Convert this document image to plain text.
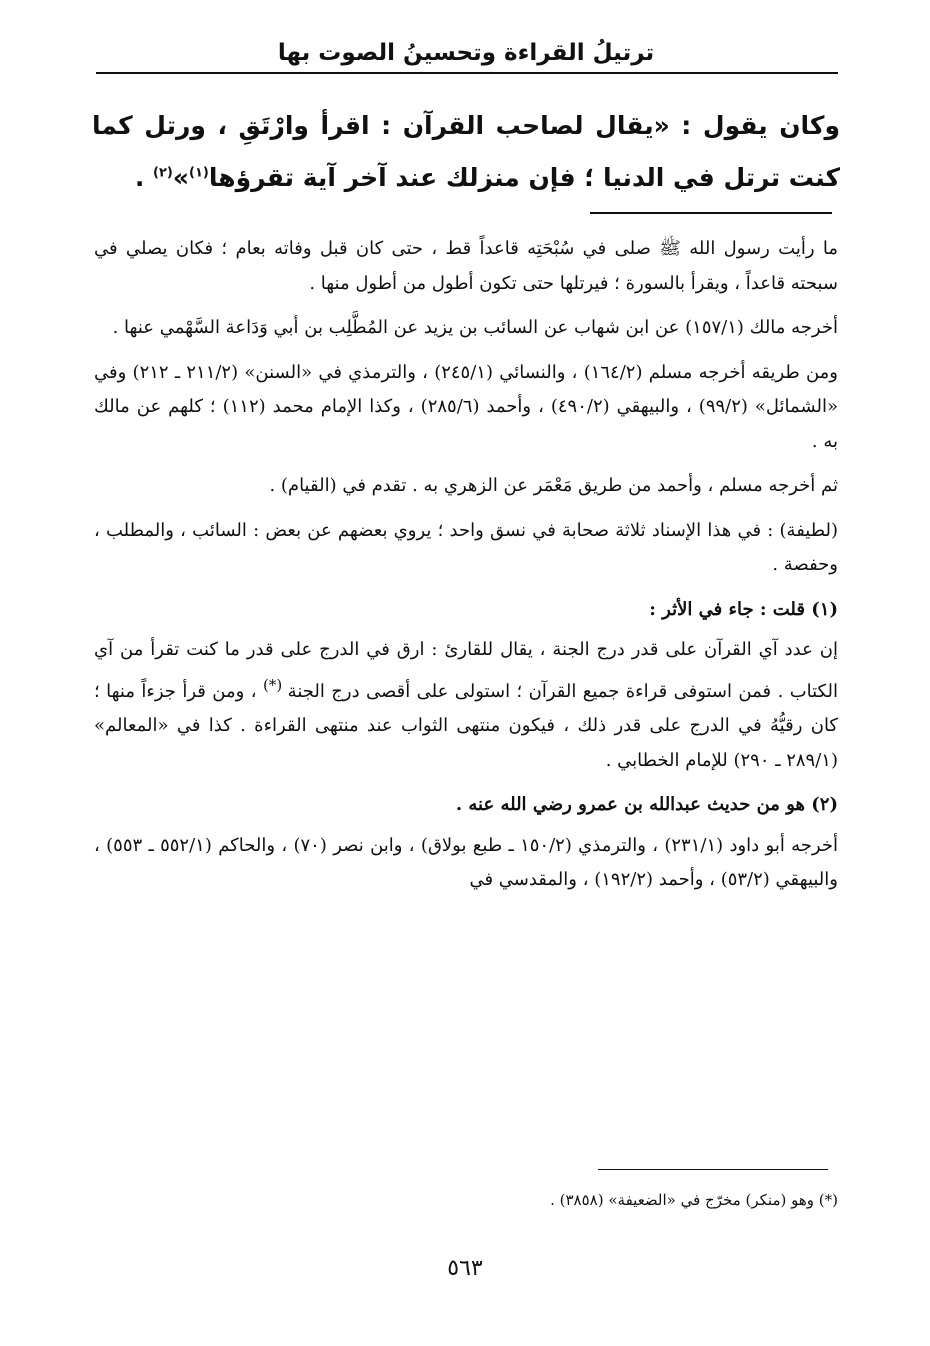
ترتيلُ القراءة وتحسينُ الصوت بها
وكان يقول : «يقال لصاحب القرآن : اقرأ وارْتَقِ ، ورتل كما كنت ترتل في الدنيا ؛ فإن منزلك عند آخر آية تقرؤها$^{(١)}$»$^{(٢)}$ .

ما رأيت رسول الله ﷺ صلى في سُبْحَتِه قاعداً قط ، حتى كان قبل وفاته بعام ؛ فكان يصلي في سبحته قاعداً ، ويقرأ بالسورة ؛ فيرتلها حتى تكون أطول من أطول منها .

أخرجه مالك (١٥٧/١) عن ابن شهاب عن السائب بن يزيد عن المُطَّلِب بن أبي وَدَاعة السَّهْمي عنها .

ومن طريقه أخرجه مسلم (١٦٤/٢) ، والنسائي (٢٤٥/١) ، والترمذي في «السنن» (٢١١/٢ ـ ٢١٢) وفي «الشمائل» (٩٩/٢) ، والبيهقي (٤٩٠/٢) ، وأحمد (٢٨٥/٦) ، وكذا الإمام محمد (١١٢) ؛ كلهم عن مالك به .

ثم أخرجه مسلم ، وأحمد من طريق مَعْمَر عن الزهري به . تقدم في (القيام) .

(لطيفة) : في هذا الإسناد ثلاثة صحابة في نسق واحد ؛ يروي بعضهم عن بعض : السائب ، والمطلب ، وحفصة .

(١) قلت : جاء في الأثر :

إن عدد آي القرآن على قدر درج الجنة ، يقال للقارئ : ارق في الدرج على قدر ما كنت تقرأ من آي الكتاب . فمن استوفى قراءة جميع القرآن ؛ استولى على أقصى درج الجنة (*) ، ومن قرأ جزءاً منها ؛ كان رقيُّهُ في الدرج على قدر ذلك ، فيكون منتهى الثواب عند منتهى القراءة . كذا في «المعالم» (٢٨٩/١ ـ ٢٩٠) للإمام الخطابي .

(٢) هو من حديث عبدالله بن عمرو رضي الله عنه .

أخرجه أبو داود (٢٣١/١) ، والترمذي (١٥٠/٢ ـ طبع بولاق) ، وابن نصر (٧٠) ، والحاكم (٥٥٢/١ ـ ٥٥٣) ، والبيهقي (٥٣/٢) ، وأحمد (١٩٢/٢) ، والمقدسي في

(*) وهو (منكر) مخرّج في «الضعيفة» (٣٨٥٨) .
٥٦٣
